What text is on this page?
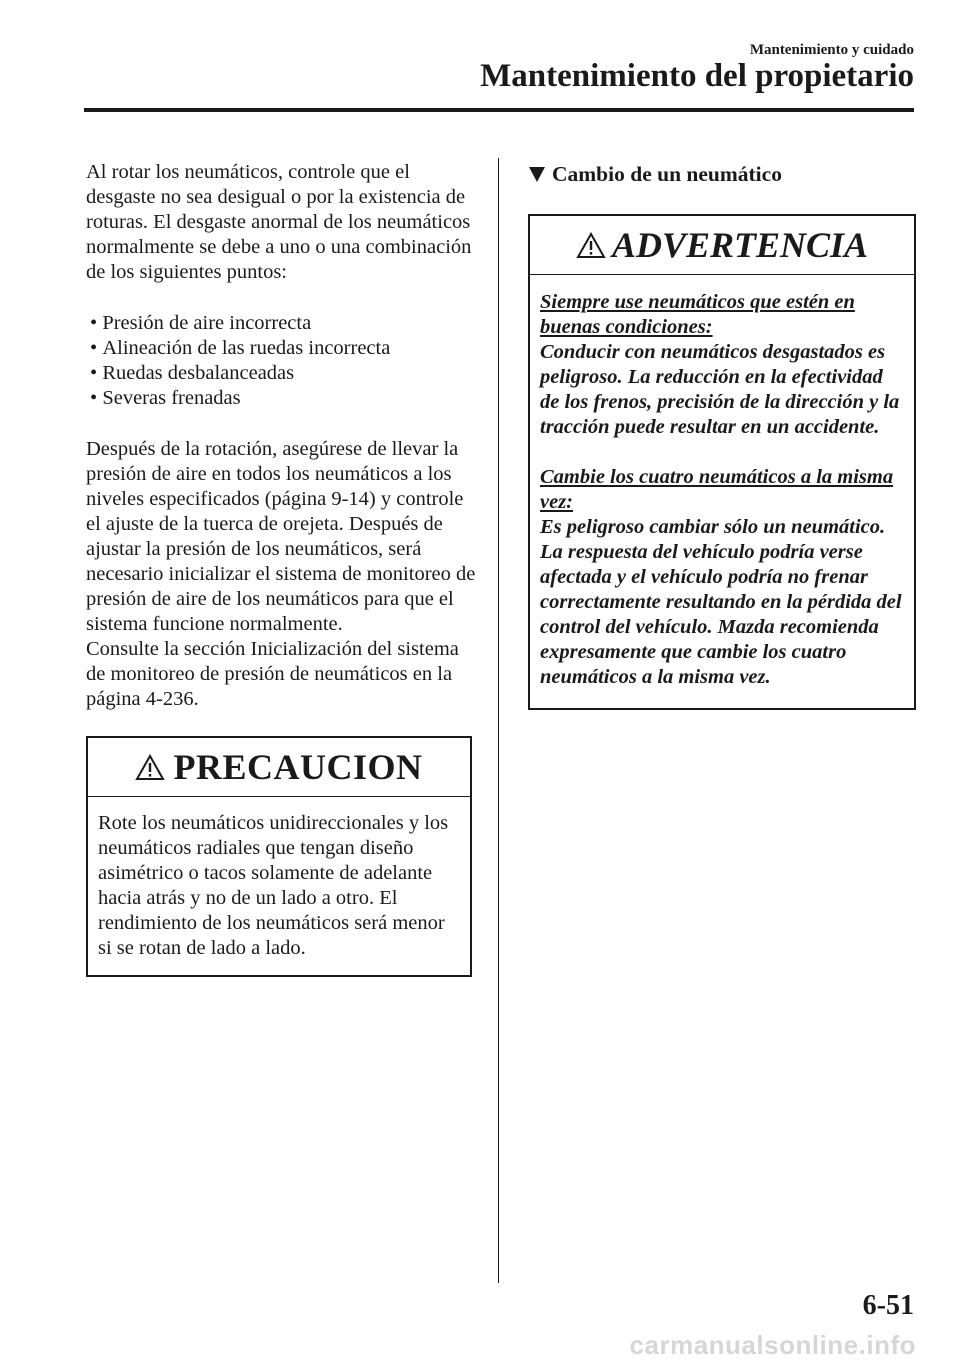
Mantenimiento y cuidado
Mantenimiento del propietario

Al rotar los neumáticos, controle que el desgaste no sea desigual o por la existencia de roturas. El desgaste anormal de los neumáticos normalmente se debe a uno o una combinación de los siguientes puntos:

• Presión de aire incorrecta
• Alineación de las ruedas incorrecta
• Ruedas desbalanceadas
• Severas frenadas

Después de la rotación, asegúrese de llevar la presión de aire en todos los neumáticos a los niveles especificados (página 9-14) y controle el ajuste de la tuerca de orejeta. Después de ajustar la presión de los neumáticos, será necesario inicializar el sistema de monitoreo de presión de aire de los neumáticos para que el sistema funcione normalmente.

Consulte la sección Inicialización del sistema de monitoreo de presión de neumáticos en la página 4-236.

PRECAUCION
Rote los neumáticos unidireccionales y los neumáticos radiales que tengan diseño asimétrico o tacos solamente de adelante hacia atrás y no de un lado a otro. El rendimiento de los neumáticos será menor si se rotan de lado a lado.
Cambio de un neumático
ADVERTENCIA

Siempre use neumáticos que estén en buenas condiciones:

Conducir con neumáticos desgastados es peligroso. La reducción en la efectividad de los frenos, precisión de la dirección y la tracción puede resultar en un accidente.

Cambie los cuatro neumáticos a la misma vez:

Es peligroso cambiar sólo un neumático. La respuesta del vehículo podría verse afectada y el vehículo podría no frenar correctamente resultando en la pérdida del control del vehículo. Mazda recomienda expresamente que cambie los cuatro neumáticos a la misma vez.

6-51
carmanualsonline.info
